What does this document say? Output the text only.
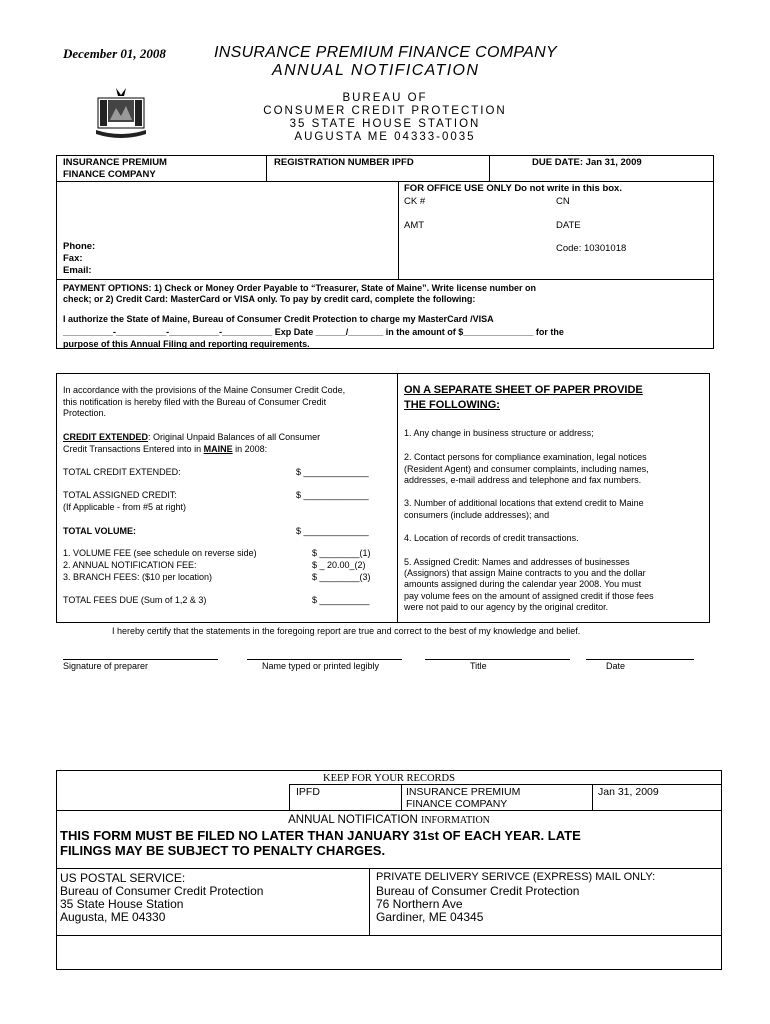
December 01, 2008	INSURANCE PREMIUM FINANCE COMPANY
ANNUAL NOTIFICATION
BUREAU OF
CONSUMER CREDIT PROTECTION
35 STATE HOUSE STATION
AUGUSTA ME 04333-0035
INSURANCE PREMIUM
FINANCE COMPANY
REGISTRATION NUMBER IPFD	DUE DATE: Jan 31, 2009
FOR OFFICE USE ONLY Do not write in this box.
CK #	CN
AMT	DATE
Code: 10301018
Phone:
Fax:
Email:
PAYMENT OPTIONS: 1) Check or Money Order Payable to “Treasurer, State of Maine”. Write license number on
check; or 2) Credit Card: MasterCard or VISA only. To pay by credit card, complete the following:
I authorize the State of Maine, Bureau of Consumer Credit Protection to charge my MasterCard /VISA
__________-__________-__________-__________ Exp Date ______/_______ in the amount of $______________ for the
purpose of this Annual Filing and reporting requirements.
In accordance with the provisions of the Maine Consumer Credit Code,
this notification is hereby filed with the Bureau of Consumer Credit
Protection.
CREDIT EXTENDED: Original Unpaid Balances of all Consumer
Credit Transactions Entered into in MAINE in 2008:
TOTAL CREDIT EXTENDED:	$ _____________
TOTAL ASSIGNED CREDIT:
(If Applicable - from #5 at right)
$ _____________
TOTAL VOLUME:	$ _____________
1. VOLUME FEE (see schedule on reverse side)	$ ________(1)
2. ANNUAL NOTIFICATION FEE:	$ _ 20.00_(2)
3. BRANCH FEES: ($10 per location)	$ ________(3)
TOTAL FEES DUE (Sum of 1,2 & 3)	$ __________
ON A SEPARATE SHEET OF PAPER PROVIDE
THE FOLLOWING:
1. Any change in business structure or address;
2. Contact persons for compliance examination, legal notices
(Resident Agent) and consumer complaints, including names,
addresses, e-mail address and telephone and fax numbers.
3. Number of additional locations that extend credit to Maine
consumers (include addresses); and
4. Location of records of credit transactions.
5. Assigned Credit: Names and addresses of businesses
(Assignors) that assign Maine contracts to you and the dollar
amounts assigned during the calendar year 2008. You must
pay volume fees on the amount of assigned credit if those fees
were not paid to our agency by the original creditor.
I hereby certify that the statements in the foregoing report are true and correct to the best of my knowledge and belief.
Signature of preparer	Name typed or printed legibly	Title	Date
KEEP FOR YOUR RECORDS
IPFD	INSURANCE PREMIUM
FINANCE COMPANY
Jan 31, 2009
ANNUAL NOTIFICATION INFORMATION
THIS FORM MUST BE FILED NO LATER THAN JANUARY 31st OF EACH YEAR. LATE
FILINGS MAY BE SUBJECT TO PENALTY CHARGES.
US POSTAL SERVICE:
Bureau of Consumer Credit Protection
35 State House Station
Augusta, ME 04330
PRIVATE DELIVERY SERIVCE (EXPRESS) MAIL ONLY:
Bureau of Consumer Credit Protection
76 Northern Ave
Gardiner, ME 04345
